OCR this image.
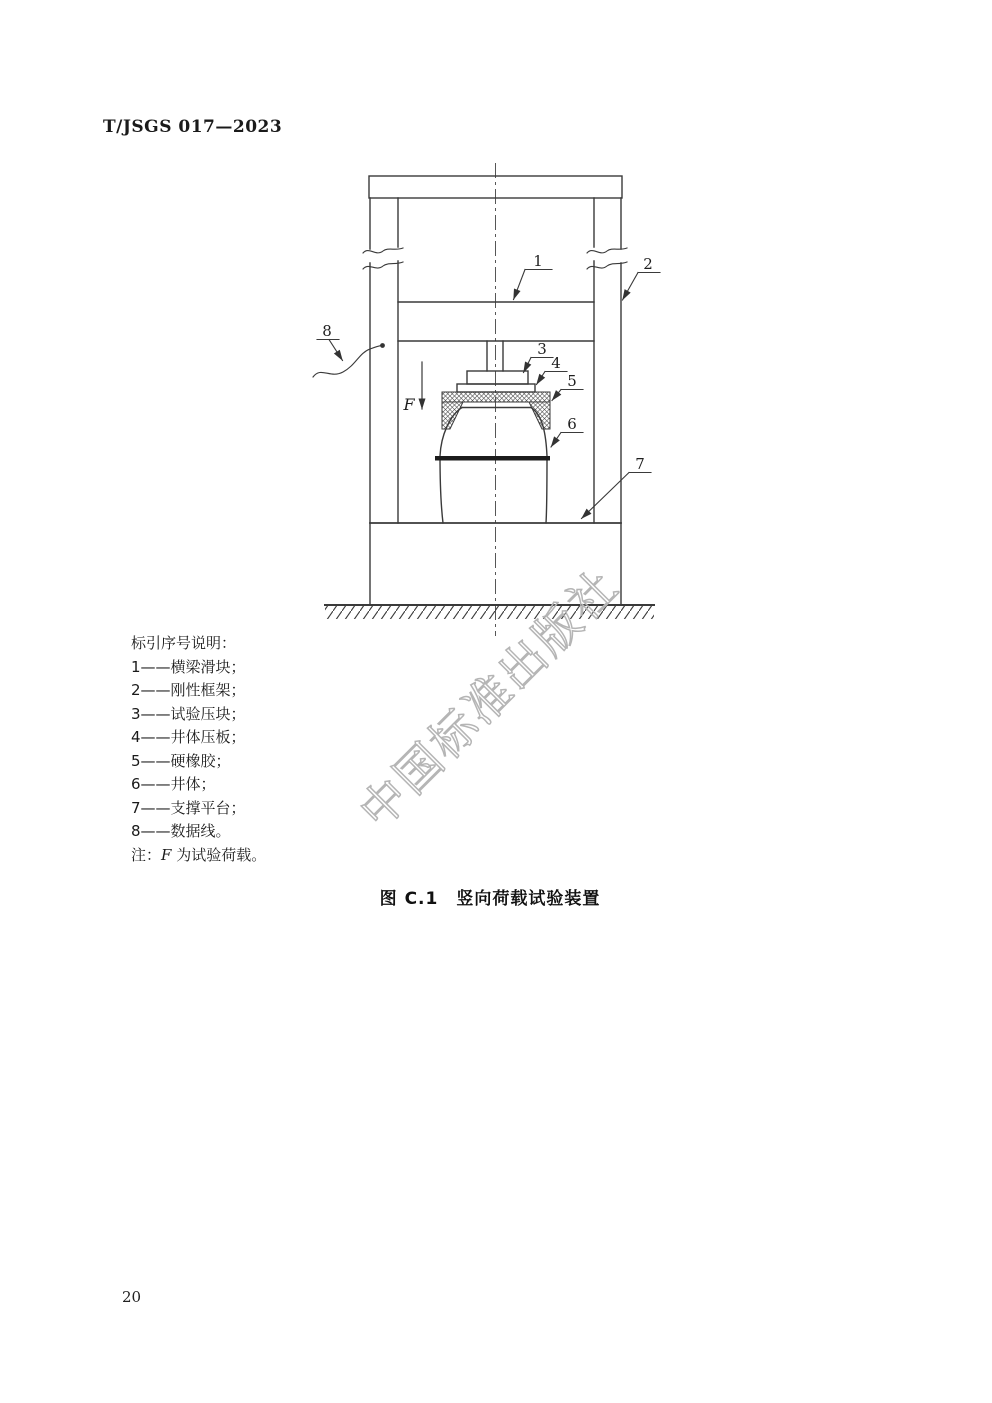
T/JSGS 017—2023
1	2
3
4
5
6
7
8
F
中国标准出版社
标引序号说明：
1——横梁滑块；
2——刚性框架；
3——试验压块；
4——井体压板；
5——硬橡胶；
6——井体；
7——支撑平台；
8——数据线。
注：F 为试验荷载。
图 C.1　竖向荷载试验装置
20
